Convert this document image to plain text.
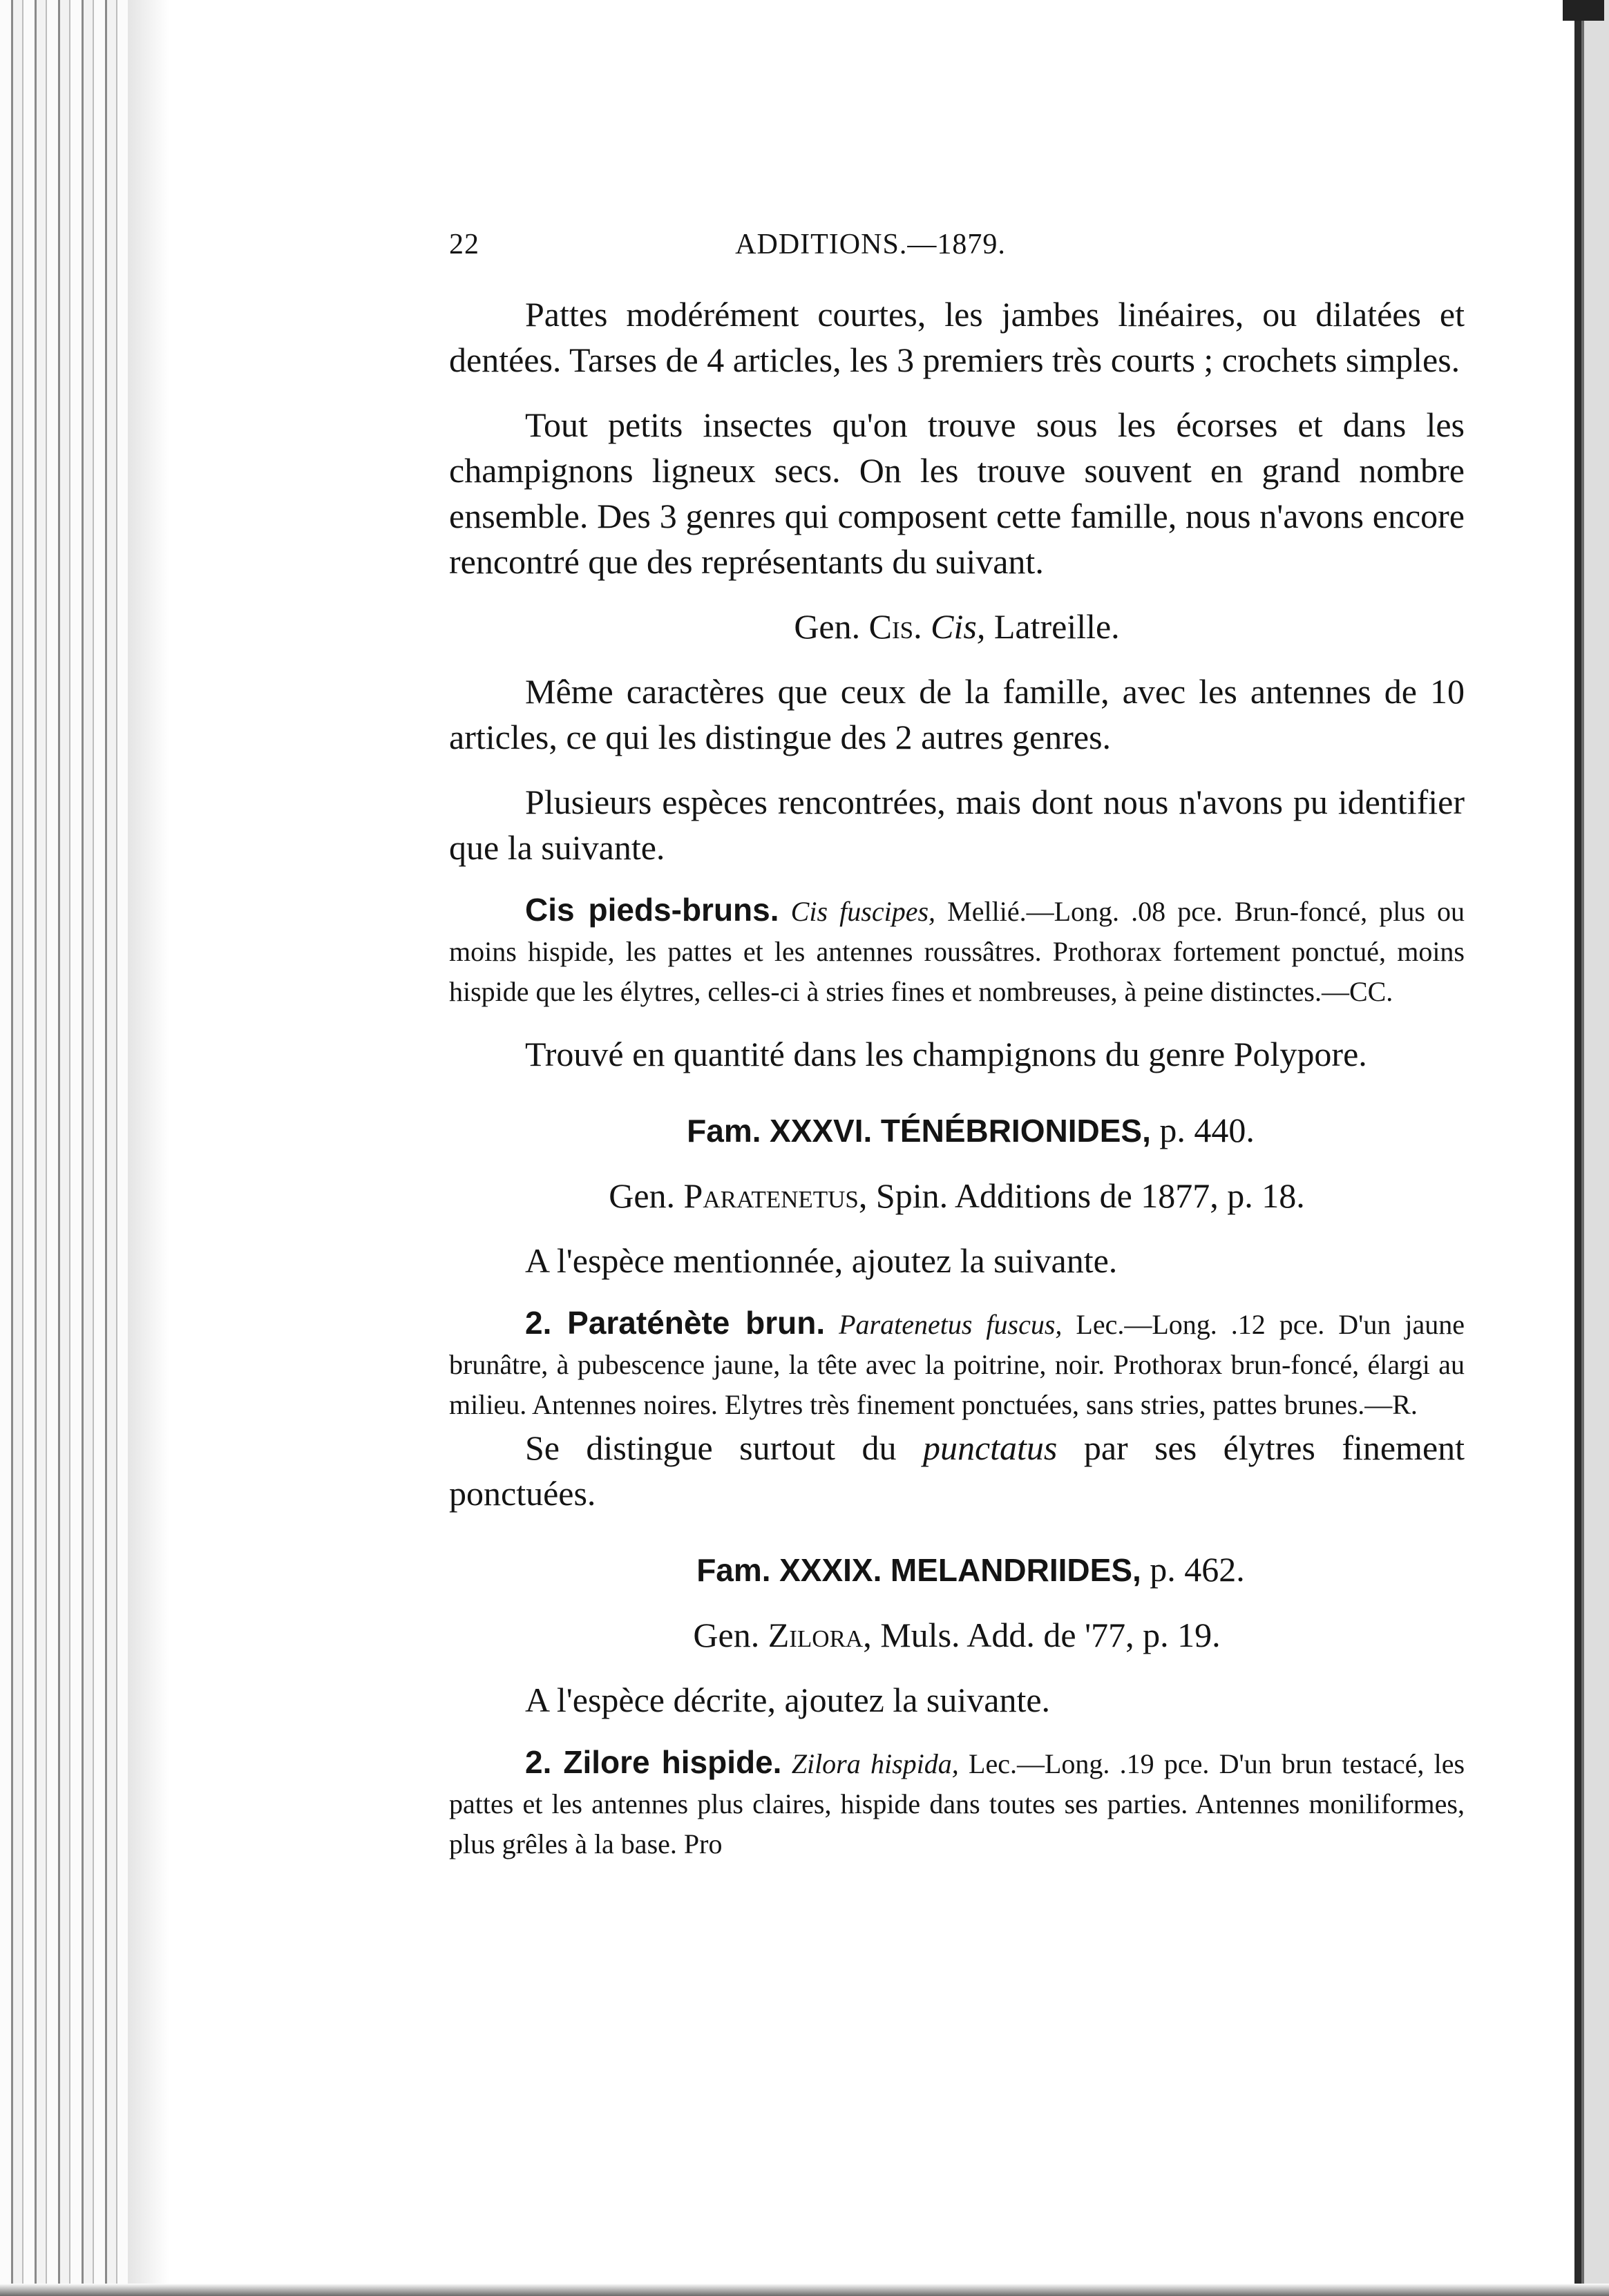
22	ADDITIONS.—1879.

Pattes modérément courtes, les jambes linéaires, ou dilatées et dentées. Tarses de 4 articles, les 3 premiers très courts ; crochets simples.

Tout petits insectes qu'on trouve sous les écorses et dans les champignons ligneux secs. On les trouve souvent en grand nombre ensemble. Des 3 genres qui composent cette famille, nous n'avons encore rencontré que des représentants du suivant.

Gen. Cis. Cis, Latreille.

Même caractères que ceux de la famille, avec les antennes de 10 articles, ce qui les distingue des 2 autres genres.

Plusieurs espèces rencontrées, mais dont nous n'avons pu identifier que la suivante.

Cis pieds-bruns. Cis fuscipes, Mellié.—Long. .08 pce. Brun-foncé, plus ou moins hispide, les pattes et les antennes roussâtres. Prothorax fortement ponctué, moins hispide que les élytres, celles-ci à stries fines et nombreuses, à peine distinctes.—CC.

Trouvé en quantité dans les champignons du genre Polypore.

Fam. XXXVI. TÉNÉBRIONIDES, p. 440.

Gen. Paratenetus, Spin. Additions de 1877, p. 18.

A l'espèce mentionnée, ajoutez la suivante.

2. Paraténète brun. Paratenetus fuscus, Lec.—Long. .12 pce. D'un jaune brunâtre, à pubescence jaune, la tête avec la poitrine, noir. Prothorax brun-foncé, élargi au milieu. Antennes noires. Elytres très finement ponctuées, sans stries, pattes brunes.—R.

Se distingue surtout du punctatus par ses élytres finement ponctuées.

Fam. XXXIX. MELANDRIIDES, p. 462.

Gen. Zilora, Muls. Add. de '77, p. 19.

A l'espèce décrite, ajoutez la suivante.

2. Zilore hispide. Zilora hispida, Lec.—Long. .19 pce. D'un brun testacé, les pattes et les antennes plus claires, hispide dans toutes ses parties. Antennes moniliformes, plus grêles à la base. Pro
